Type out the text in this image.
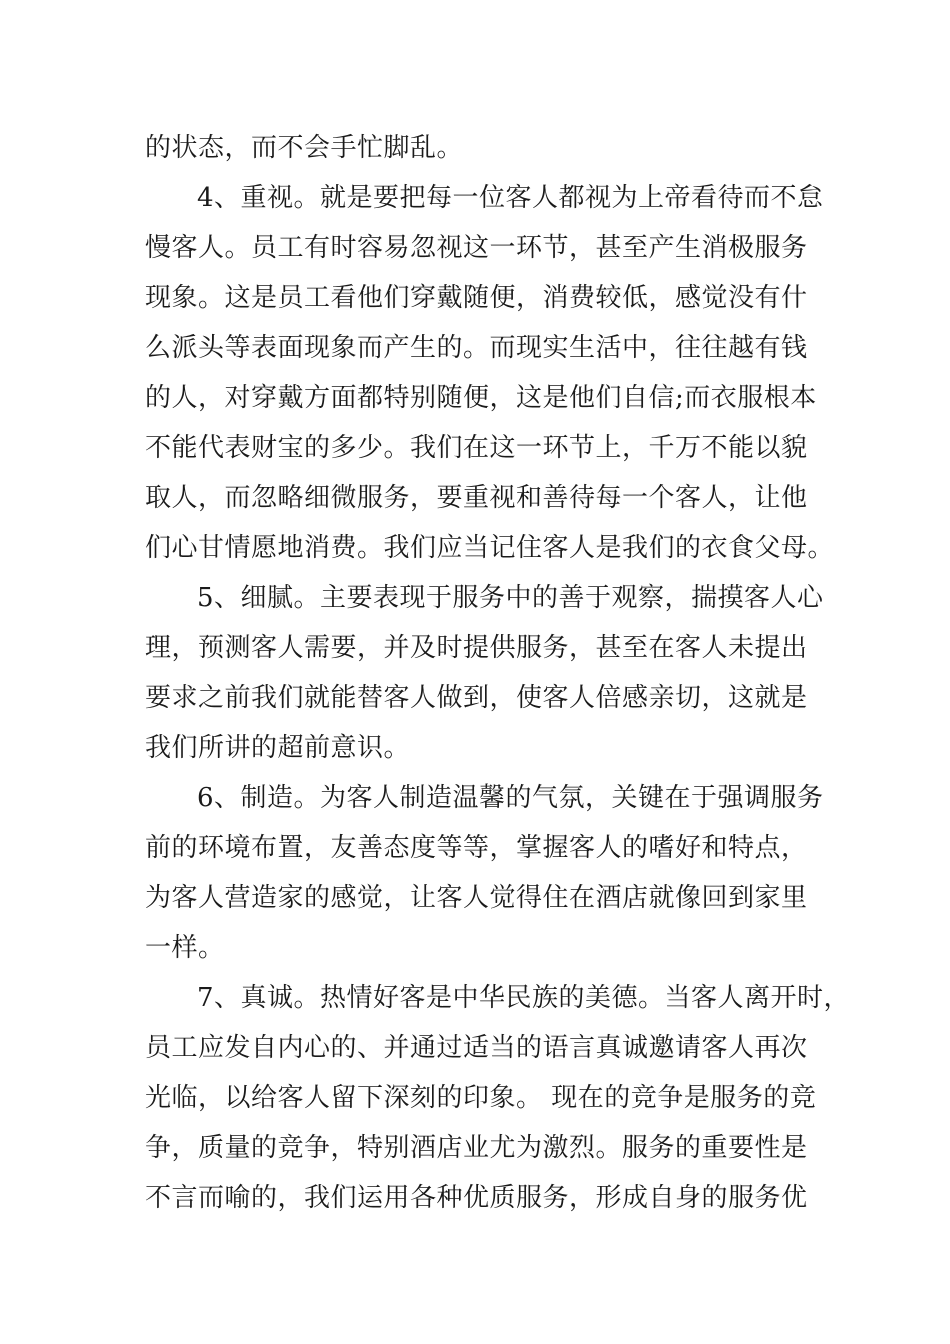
的状态，而不会手忙脚乱。
4、重视。就是要把每一位客人都视为上帝看待而不怠
慢客人。员工有时容易忽视这一环节，甚至产生消极服务
现象。这是员工看他们穿戴随便，消费较低，感觉没有什
么派头等表面现象而产生的。而现实生活中，往往越有钱
的人，对穿戴方面都特别随便，这是他们自信;而衣服根本
不能代表财宝的多少。我们在这一环节上，千万不能以貌
取人，而忽略细微服务，要重视和善待每一个客人，让他
们心甘情愿地消费。我们应当记住客人是我们的衣食父母。
5、细腻。主要表现于服务中的善于观察，揣摸客人心
理，预测客人需要，并及时提供服务，甚至在客人未提出
要求之前我们就能替客人做到，使客人倍感亲切，这就是
我们所讲的超前意识。
6、制造。为客人制造温馨的气氛，关键在于强调服务
前的环境布置，友善态度等等，掌握客人的嗜好和特点，
为客人营造家的感觉，让客人觉得住在酒店就像回到家里
一样。
7、真诚。热情好客是中华民族的美德。当客人离开时，
员工应发自内心的、并通过适当的语言真诚邀请客人再次
光临，以给客人留下深刻的印象。 现在的竞争是服务的竞
争，质量的竞争，特别酒店业尤为激烈。服务的重要性是
不言而喻的，我们运用各种优质服务，形成自身的服务优
